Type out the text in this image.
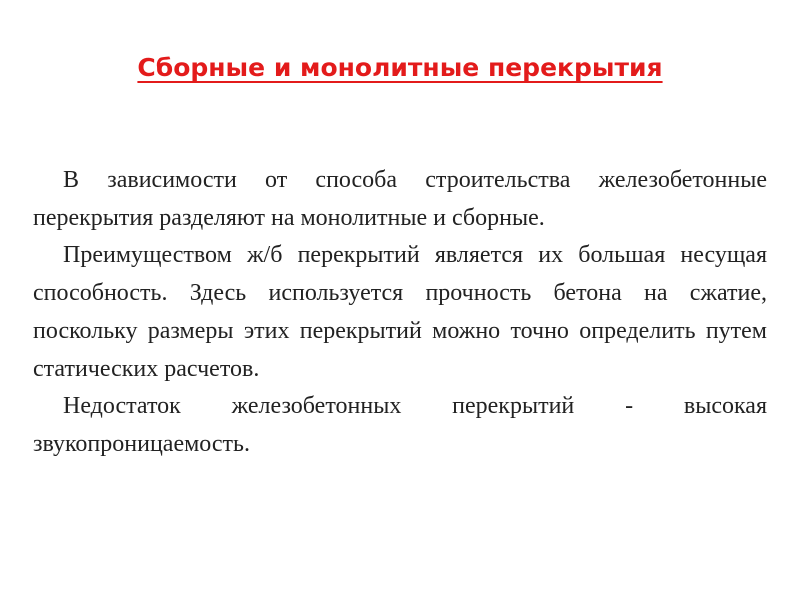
Сборные и монолитные перекрытия

В зависимости от способа строительства железобетонные перекрытия разделяют на монолитные и сборные.

Преимуществом ж/б перекрытий является их большая несущая способность. Здесь используется прочность бетона на сжатие, поскольку размеры этих перекрытий можно точно определить путем статических расчетов.

Недостаток железобетонных перекрытий - высокая звукопроницаемость.
